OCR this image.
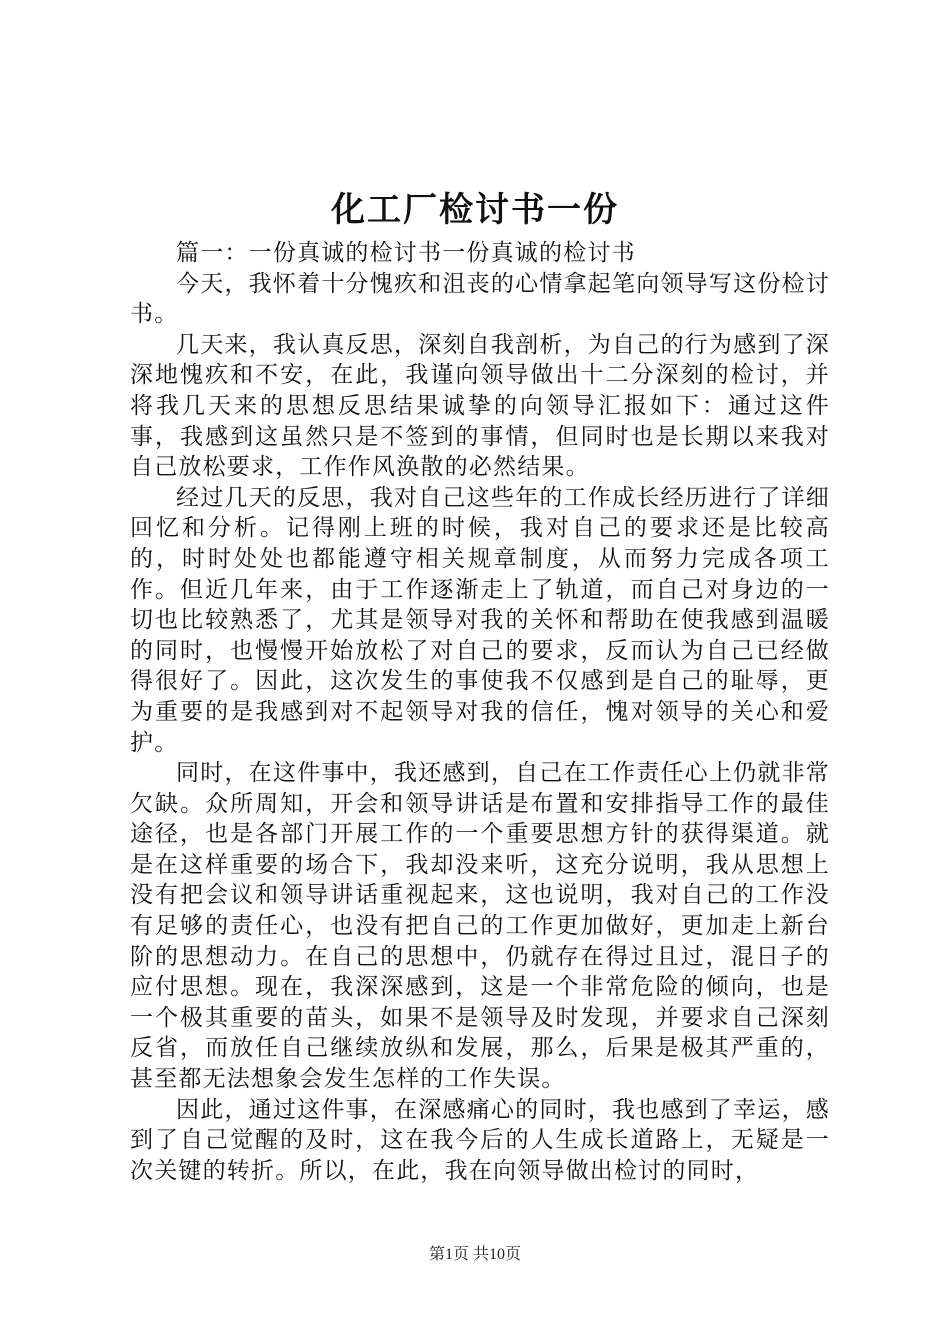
化工厂检讨书一份

篇一：一份真诚的检讨书一份真诚的检讨书

今天，我怀着十分愧疚和沮丧的心情拿起笔向领导写这份检讨书。

几天来，我认真反思，深刻自我剖析，为自己的行为感到了深深地愧疚和不安，在此，我谨向领导做出十二分深刻的检讨，并将我几天来的思想反思结果诚挚的向领导汇报如下：通过这件事，我感到这虽然只是不签到的事情，但同时也是长期以来我对自己放松要求，工作作风涣散的必然结果。

经过几天的反思，我对自己这些年的工作成长经历进行了详细回忆和分析。记得刚上班的时候，我对自己的要求还是比较高的，时时处处也都能遵守相关规章制度，从而努力完成各项工作。但近几年来，由于工作逐渐走上了轨道，而自己对身边的一切也比较熟悉了，尤其是领导对我的关怀和帮助在使我感到温暖的同时，也慢慢开始放松了对自己的要求，反而认为自己已经做得很好了。因此，这次发生的事使我不仅感到是自己的耻辱，更为重要的是我感到对不起领导对我的信任，愧对领导的关心和爱护。

同时，在这件事中，我还感到，自己在工作责任心上仍就非常欠缺。众所周知，开会和领导讲话是布置和安排指导工作的最佳途径，也是各部门开展工作的一个重要思想方针的获得渠道。就是在这样重要的场合下，我却没来听，这充分说明，我从思想上没有把会议和领导讲话重视起来，这也说明，我对自己的工作没有足够的责任心，也没有把自己的工作更加做好，更加走上新台阶的思想动力。在自己的思想中，仍就存在得过且过，混日子的应付思想。现在，我深深感到，这是一个非常危险的倾向，也是一个极其重要的苗头，如果不是领导及时发现，并要求自己深刻反省，而放任自己继续放纵和发展，那么，后果是极其严重的，甚至都无法想象会发生怎样的工作失误。

因此，通过这件事，在深感痛心的同时，我也感到了幸运，感到了自己觉醒的及时，这在我今后的人生成长道路上，无疑是一次关键的转折。所以，在此，我在向领导做出检讨的同时，

第1页 共10页
